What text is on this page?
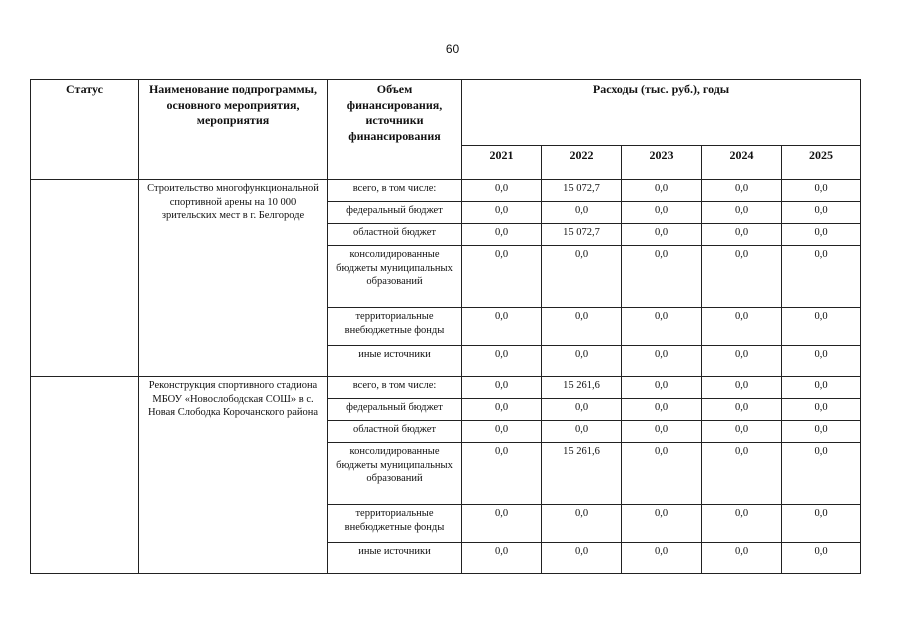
60
Статус	Наименование подпрограммы, основного мероприятия, мероприятия	Объем финансирования, источники финансирования	Расходы (тыс. руб.), годы				
			2021	2022	2023	2024	2025
	Строительство многофункциональной спортивной арены на 10 000 зрительских мест в г. Белгороде	всего, в том числе:	0,0	15 072,7	0,0	0,0	0,0
		федеральный бюджет	0,0	0,0	0,0	0,0	0,0
		областной бюджет	0,0	15 072,7	0,0	0,0	0,0
		консолидированные бюджеты муниципальных образований	0,0	0,0	0,0	0,0	0,0
		территориальные внебюджетные фонды	0,0	0,0	0,0	0,0	0,0
		иные источники	0,0	0,0	0,0	0,0	0,0
	Реконструкция спортивного стадиона МБОУ «Новослободская СОШ» в с. Новая Слободка Корочанского района	всего, в том числе:	0,0	15 261,6	0,0	0,0	0,0
		федеральный бюджет	0,0	0,0	0,0	0,0	0,0
		областной бюджет	0,0	0,0	0,0	0,0	0,0
		консолидированные бюджеты муниципальных образований	0,0	15 261,6	0,0	0,0	0,0
		территориальные внебюджетные фонды	0,0	0,0	0,0	0,0	0,0
		иные источники	0,0	0,0	0,0	0,0	0,0
